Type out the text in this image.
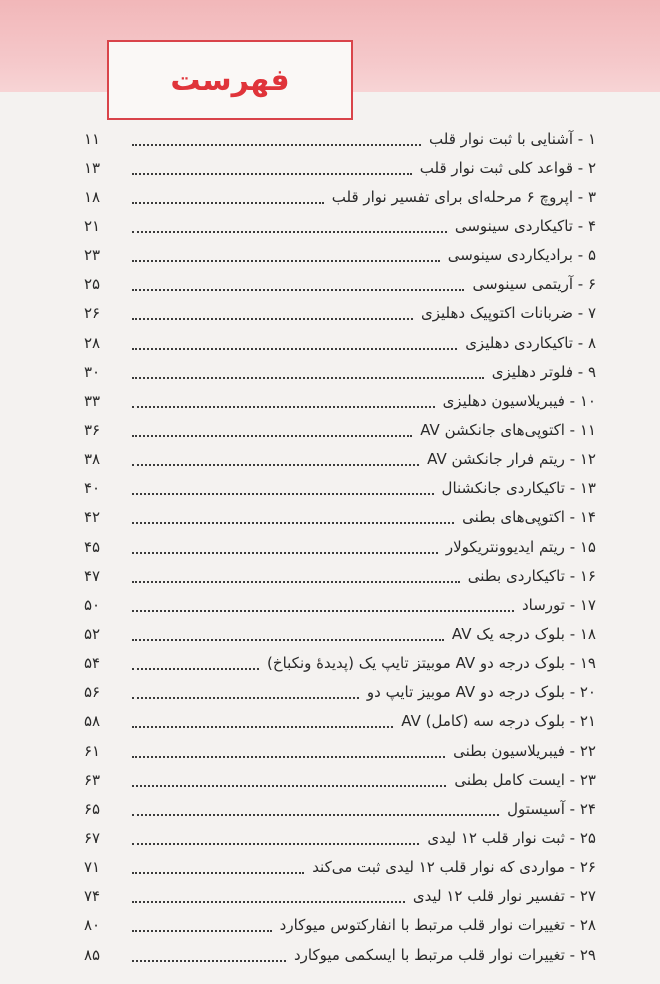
فهرست
۱۱	۱ - آشنایی با ثبت نوار قلب
۱۳	۲ - قواعد کلی ثبت نوار قلب
۱۸	۳ - اپروچ ۶ مرحله‌ای برای تفسیر نوار قلب
۲۱	۴ - تاکیکاردی سینوسی
۲۳	۵ - برادیکاردی سینوسی
۲۵	۶ - آریتمی سینوسی
۲۶	۷ - ضربانات اکتوپیک دهلیزی
۲۸	۸ - تاکیکاردی دهلیزی
۳۰	۹ - فلوتر دهلیزی
۳۳	۱۰ - فیبریلاسیون دهلیزی
۳۶	۱۱ - اکتوپی‌های جانکشن AV
۳۸	۱۲ - ریتم فرار جانکشن AV
۴۰	۱۳ - تاکیکاردی جانکشنال
۴۲	۱۴ - اکتوپی‌های بطنی
۴۵	۱۵ - ریتم ایدیوونتریکولار
۴۷	۱۶ - تاکیکاردی بطنی
۵۰	۱۷ - تورساد
۵۲	۱۸ - بلوک درجه یک AV
۵۴	۱۹ - بلوک درجه دو AV موبیتز تایپ یک (پدیدهٔ ونکباخ)
۵۶	۲۰ - بلوک درجه دو AV موبیز تایپ دو
۵۸	۲۱ - بلوک درجه سه (کامل) AV
۶۱	۲۲ - فیبریلاسیون بطنی
۶۳	۲۳ - ایست کامل بطنی
۶۵	۲۴ - آسیستول
۶۷	۲۵ - ثبت نوار قلب ۱۲ لیدی
۷۱	۲۶ - مواردی که نوار قلب ۱۲ لیدی ثبت می‌کند
۷۴	۲۷ - تفسیر نوار قلب ۱۲ لیدی
۸۰	۲۸ - تغییرات نوار قلب مرتبط با انفارکتوس میوکارد
۸۵	۲۹ - تغییرات نوار قلب مرتبط با ایسکمی میوکارد
